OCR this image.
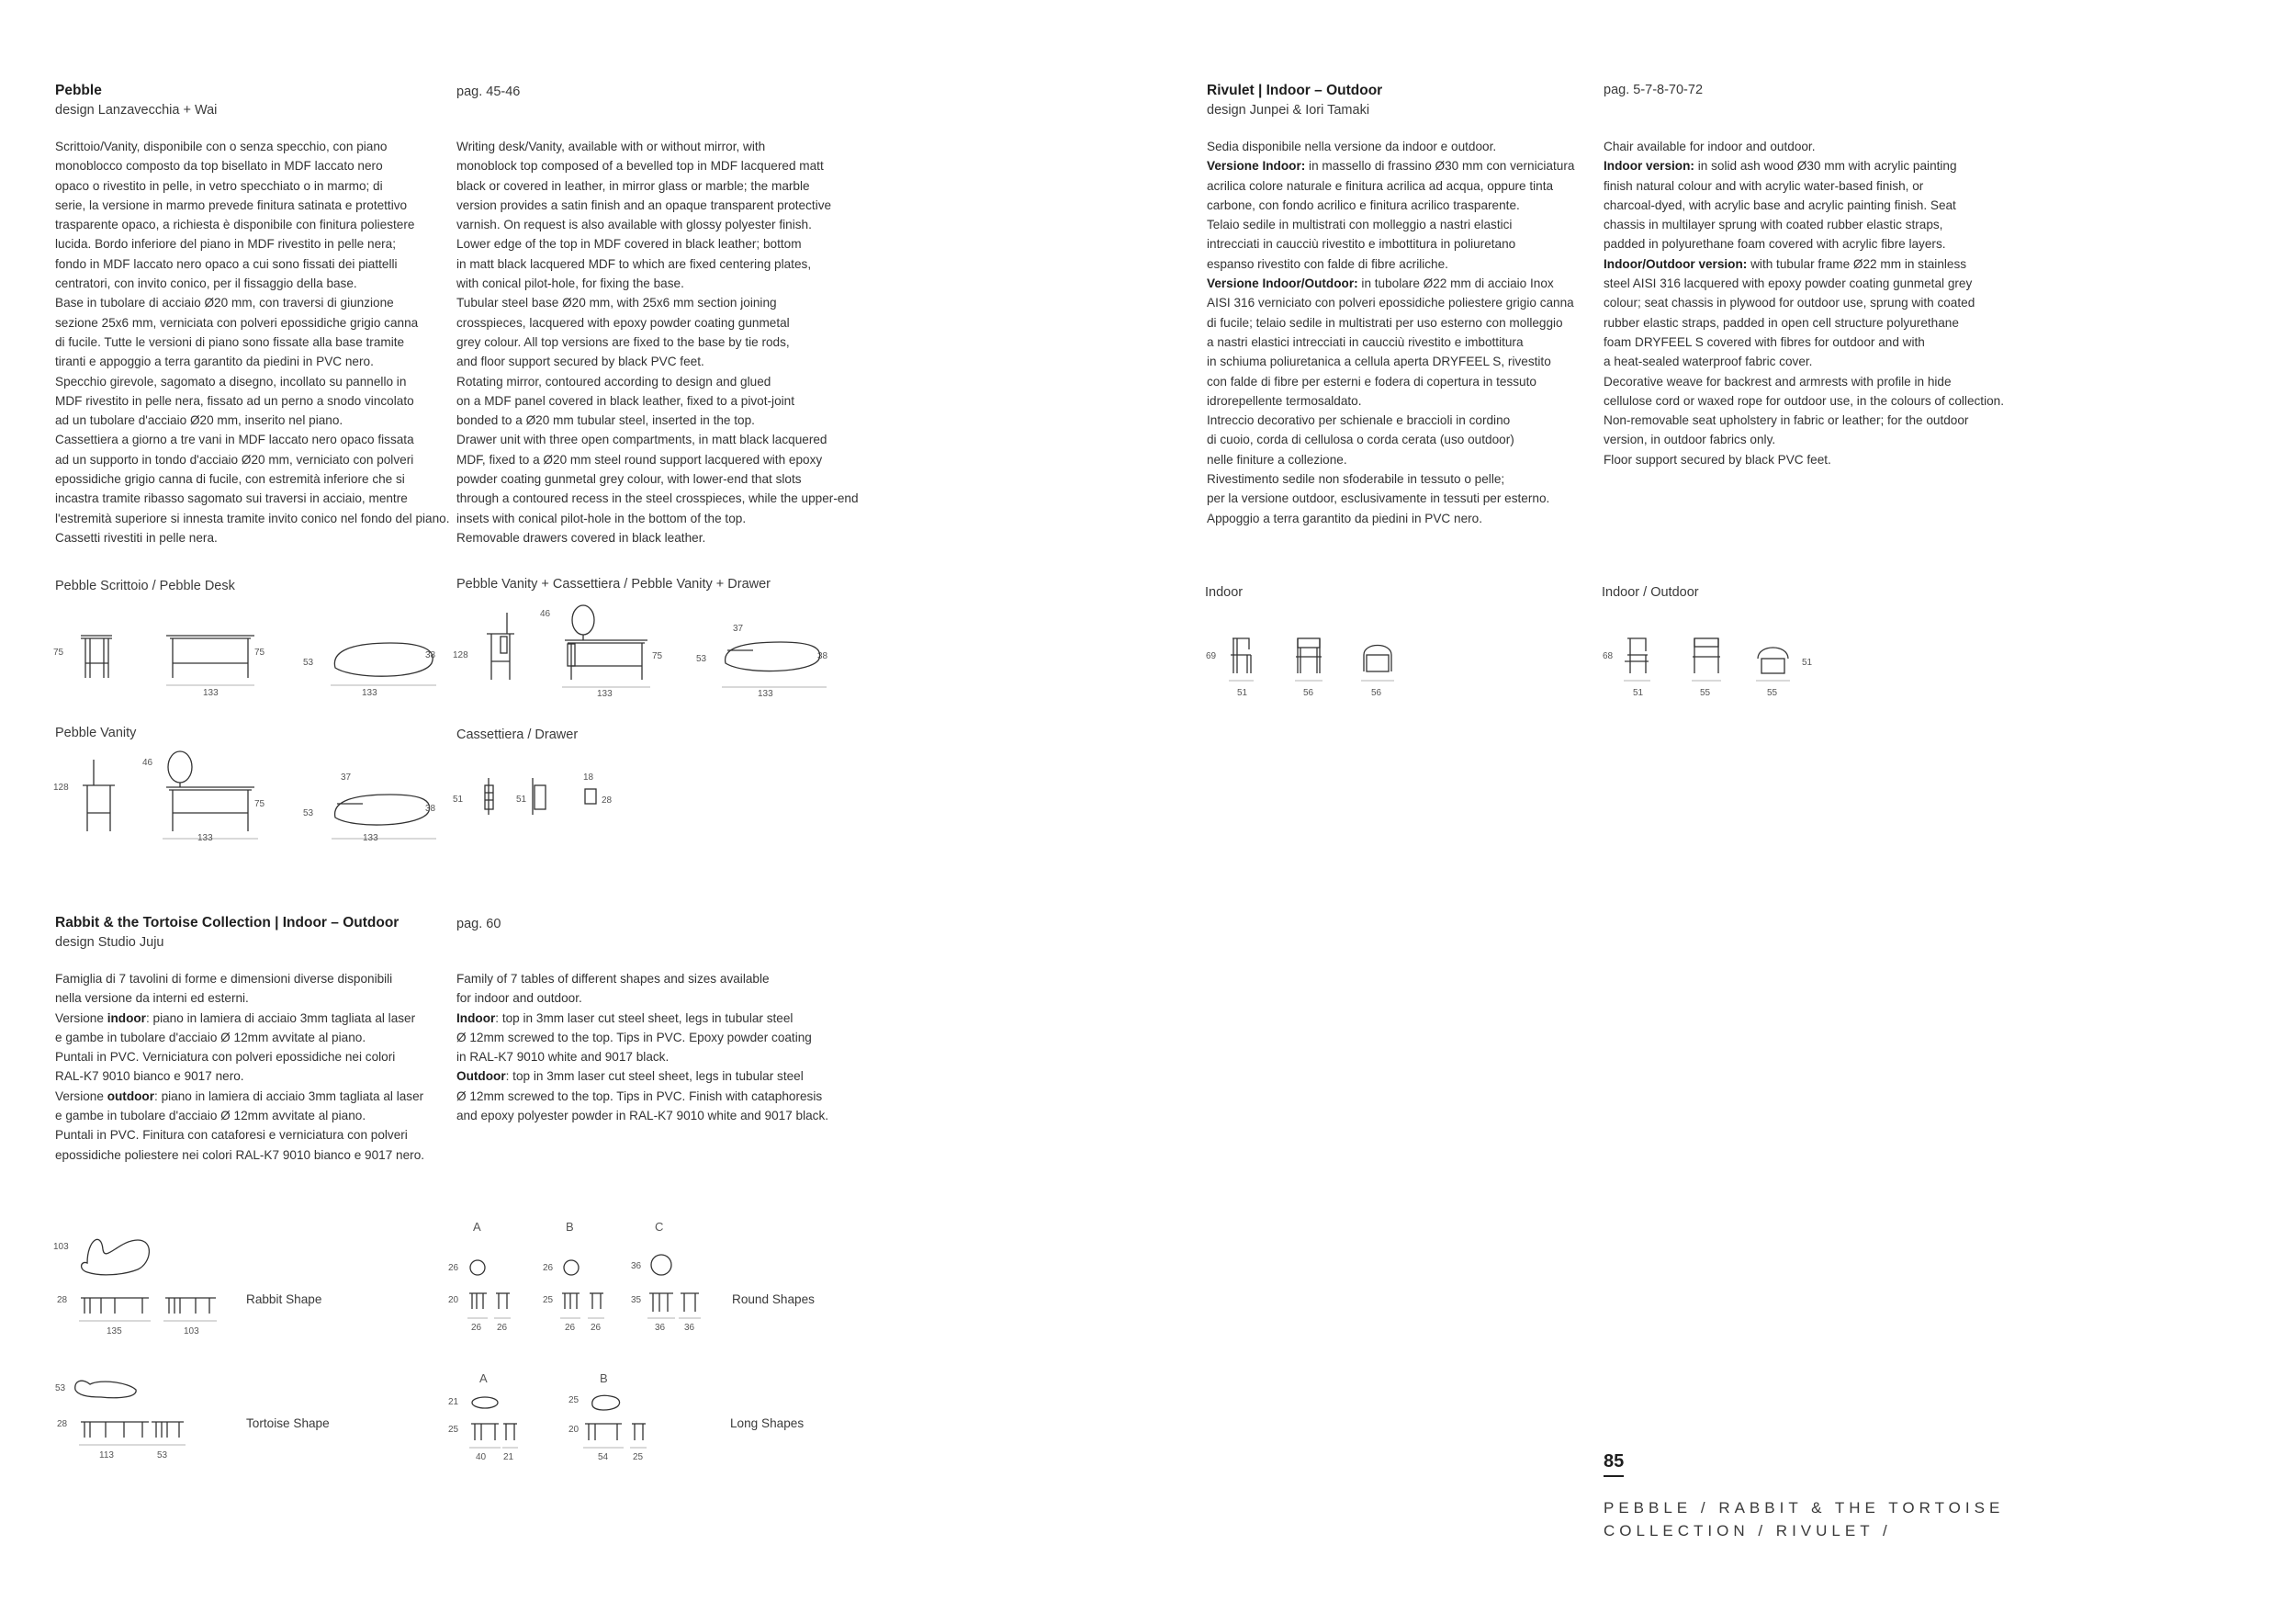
Pebble
design Lanzavecchia + Wai
pag. 45-46

Scrittoio/Vanity, disponibile con o senza specchio, con piano
monoblocco composto da top bisellato in MDF laccato nero
opaco o rivestito in pelle, in vetro specchiato o in marmo; di
serie, la versione in marmo prevede finitura satinata e protettivo
trasparente opaco, a richiesta è disponibile con finitura poliestere
lucida. Bordo inferiore del piano in MDF rivestito in pelle nera;
fondo in MDF laccato nero opaco a cui sono fissati dei piattelli
centratori, con invito conico, per il fissaggio della base.
Base in tubolare di acciaio Ø20 mm, con traversi di giunzione
sezione 25x6 mm, verniciata con polveri epossidiche grigio canna
di fucile. Tutte le versioni di piano sono fissate alla base tramite
tiranti e appoggio a terra garantito da piedini in PVC nero.
Specchio girevole, sagomato a disegno, incollato su pannello in
MDF rivestito in pelle nera, fissato ad un perno a snodo vincolato
ad un tubolare d'acciaio Ø20 mm, inserito nel piano.
Cassettiera a giorno a tre vani in MDF laccato nero opaco fissata
ad un supporto in tondo d'acciaio Ø20 mm, verniciato con polveri
epossidiche grigio canna di fucile, con estremità inferiore che si
incastra tramite ribasso sagomato sui traversi in acciaio, mentre
l'estremità superiore si innesta tramite invito conico nel fondo del piano.
Cassetti rivestiti in pelle nera.

Writing desk/Vanity, available with or without mirror, with
monoblock top composed of a bevelled top in MDF lacquered matt
black or covered in leather, in mirror glass or marble; the marble
version provides a satin finish and an opaque transparent protective
varnish. On request is also available with glossy polyester finish.
Lower edge of the top in MDF covered in black leather; bottom
in matt black lacquered MDF to which are fixed centering plates,
with conical pilot-hole, for fixing the base.
Tubular steel base Ø20 mm, with 25x6 mm section joining
crosspieces, lacquered with epoxy powder coating gunmetal
grey colour. All top versions are fixed to the base by tie rods,
and floor support secured by black PVC feet.
Rotating mirror, contoured according to design and glued
on a MDF panel covered in black leather, fixed to a pivot-joint
bonded to a Ø20 mm tubular steel, inserted in the top.
Drawer unit with three open compartments, in matt black lacquered
MDF, fixed to a Ø20 mm steel round support lacquered with epoxy
powder coating gunmetal grey colour, with lower-end that slots
through a contoured recess in the steel crosspieces, while the upper-end
insets with conical pilot-hole in the bottom of the top.
Removable drawers covered in black leather.

Pebble Scrittoio / Pebble Desk	Pebble Vanity + Cassettiera / Pebble Vanity + Drawer
Pebble Vanity	Cassettiera / Drawer
75	75
53
38
133	133
128
46
75	53	38
37
133	133
128
46
75
53	38
37
133	133
51	51
18
28
Rabbit & the Tortoise Collection | Indoor – Outdoor
design Studio Juju
pag. 60

Famiglia di 7 tavolini di forme e dimensioni diverse disponibili
nella versione da interni ed esterni.
Versione indoor: piano in lamiera di acciaio 3mm tagliata al laser
e gambe in tubolare d'acciaio Ø 12mm avvitate al piano.
Puntali in PVC. Verniciatura con polveri epossidiche nei colori
RAL-K7 9010 bianco e 9017 nero.
Versione outdoor: piano in lamiera di acciaio 3mm tagliata al laser
e gambe in tubolare d'acciaio Ø 12mm avvitate al piano.
Puntali in PVC. Finitura con cataforesi e verniciatura con polveri
epossidiche poliestere nei colori RAL-K7 9010 bianco e 9017 nero.

Family of 7 tables of different shapes and sizes available
for indoor and outdoor.
Indoor: top in 3mm laser cut steel sheet, legs in tubular steel
Ø 12mm screwed to the top. Tips in PVC. Epoxy powder coating
in RAL-K7 9010 white and 9017 black.
Outdoor: top in 3mm laser cut steel sheet, legs in tubular steel
Ø 12mm screwed to the top. Tips in PVC. Finish with cataphoresis
and epoxy polyester powder in RAL-K7 9010 white and 9017 black.

103
28
135	103
Rabbit Shape
53
28
113	53
Tortoise Shape
A	B	C
26
20
26 26
26
25
26 26
36
35
36 36
Round Shapes
A	B
21
25
40 21
25
20
54	25
Long Shapes
Rivulet | Indoor – Outdoor
design Junpei & Iori Tamaki
pag. 5-7-8-70-72

Sedia disponibile nella versione da indoor e outdoor.
Versione Indoor: in massello di frassino Ø30 mm con verniciatura
acrilica colore naturale e finitura acrilica ad acqua, oppure tinta
carbone, con fondo acrilico e finitura acrilico trasparente.
Telaio sedile in multistrati con molleggio a nastri elastici
intrecciati in caucciù rivestito e imbottitura in poliuretano
espanso rivestito con falde di fibre acriliche.
Versione Indoor/Outdoor: in tubolare Ø22 mm di acciaio Inox
AISI 316 verniciato con polveri epossidiche poliestere grigio canna
di fucile; telaio sedile in multistrati per uso esterno con molleggio
a nastri elastici intrecciati in caucciù rivestito e imbottitura
in schiuma poliuretanica a cellula aperta DRYFEEL S, rivestito
con falde di fibre per esterni e fodera di copertura in tessuto
idrorepellente termosaldato.
Intreccio decorativo per schienale e braccioli in cordino
di cuoio, corda di cellulosa o corda cerata (uso outdoor)
nelle finiture a collezione.
Rivestimento sedile non sfoderabile in tessuto o pelle;
per la versione outdoor, esclusivamente in tessuti per esterno.
Appoggio a terra garantito da piedini in PVC nero.

Chair available for indoor and outdoor.
Indoor version: in solid ash wood Ø30 mm with acrylic painting
finish natural colour and with acrylic water-based finish, or
charcoal-dyed, with acrylic base and acrylic painting finish. Seat
chassis in multilayer sprung with coated rubber elastic straps,
padded in polyurethane foam covered with acrylic fibre layers.
Indoor/Outdoor version: with tubular frame Ø22 mm in stainless
steel AISI 316 lacquered with epoxy powder coating gunmetal grey
colour; seat chassis in plywood for outdoor use, sprung with coated
rubber elastic straps, padded in open cell structure polyurethane
foam DRYFEEL S covered with fibres for outdoor and with
a heat-sealed waterproof fabric cover.
Decorative weave for backrest and armrests with profile in hide
cellulose cord or waxed rope for outdoor use, in the colours of collection.
Non-removable seat upholstery in fabric or leather; for the outdoor
version, in outdoor fabrics only.
Floor support secured by black PVC feet.

Indoor	Indoor / Outdoor
69
51	56	56
68
51	55	55
51
85
PEBBLE / RABBIT & THE TORTOISE
COLLECTION / RIVULET /
